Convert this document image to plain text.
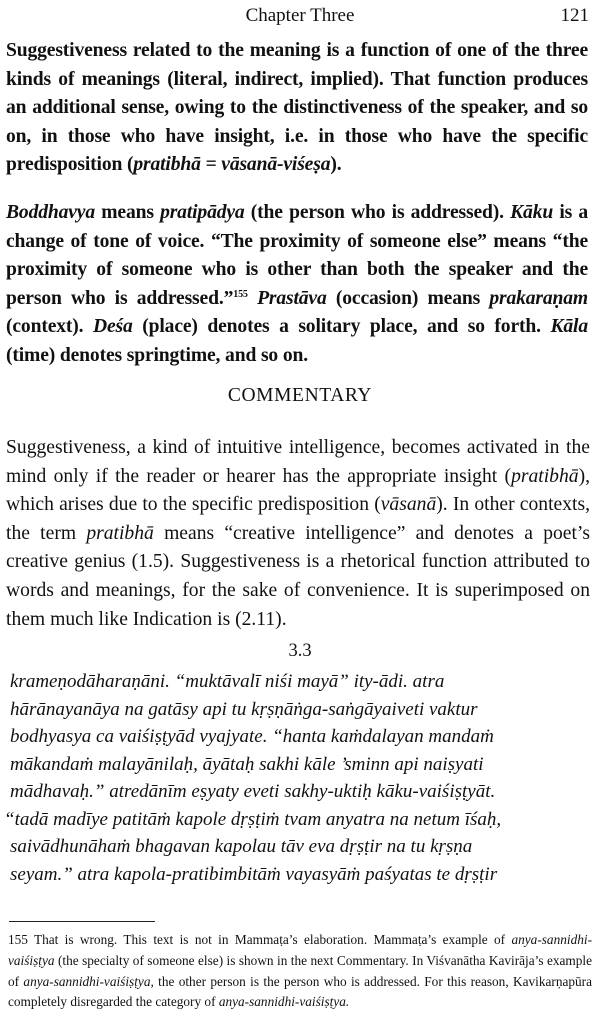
Chapter Three	121
Suggestiveness related to the meaning is a function of one of the three kinds of meanings (literal, indirect, implied). That function produces an additional sense, owing to the distinctiveness of the speaker, and so on, in those who have insight, i.e. in those who have the specific predisposition (pratibhā = vāsanā-viśeṣa).
Boddhavya means pratipādya (the person who is addressed). Kāku is a change of tone of voice. “The proximity of someone else” means “the proximity of someone who is other than both the speaker and the person who is addressed.”$^{155}$ Prastāva (occasion) means prakaraṇam (context). Deśa (place) denotes a solitary place, and so forth. Kāla (time) denotes springtime, and so on.
COMMENTARY
Suggestiveness, a kind of intuitive intelligence, becomes activated in the mind only if the reader or hearer has the appropriate insight (pratibhā), which arises due to the specific predisposition (vāsanā). In other contexts, the term pratibhā means “creative intelligence” and denotes a poet’s creative genius (1.5). Suggestiveness is a rhetorical function attributed to words and meanings, for the sake of convenience. It is superimposed on them much like Indication is (2.11).
3.3
krameṇodāharaṇāni. “muktāvalī niśi mayā” ity-ādi. atra
hārānayanāya na gatāsy api tu kṛṣṇāṅga-saṅgāyaiveti vaktur
bodhyasya ca vaiśiṣṭyād vyajyate. “hanta kaṁdalayan mandaṁ
mākandaṁ malayānilaḥ, āyātaḥ sakhi kāle ’sminn api naiṣyati
mādhavaḥ.” atredānīm eṣyaty eveti sakhy-uktiḥ kāku-vaiśiṣṭyāt.
“tadā madīye patitāṁ kapole dṛṣṭiṁ tvam anyatra na netum īśaḥ,
saivādhunāhaṁ bhagavan kapolau tāv eva dṛṣṭir na tu kṛṣṇa
seyam.” atra kapola-pratibimbitāṁ vayasyāṁ paśyatas te dṛṣṭir
155 That is wrong. This text is not in Mammaṭa’s elaboration. Mammaṭa’s example of anya-sannidhi-vaiśiṣṭya (the specialty of someone else) is shown in the next Commentary. In Viśvanātha Kavirāja’s example of anya-sannidhi-vaiśiṣṭya, the other person is the person who is addressed. For this reason, Kavikarṇapūra completely disregarded the category of anya-sannidhi-vaiśiṣṭya.
